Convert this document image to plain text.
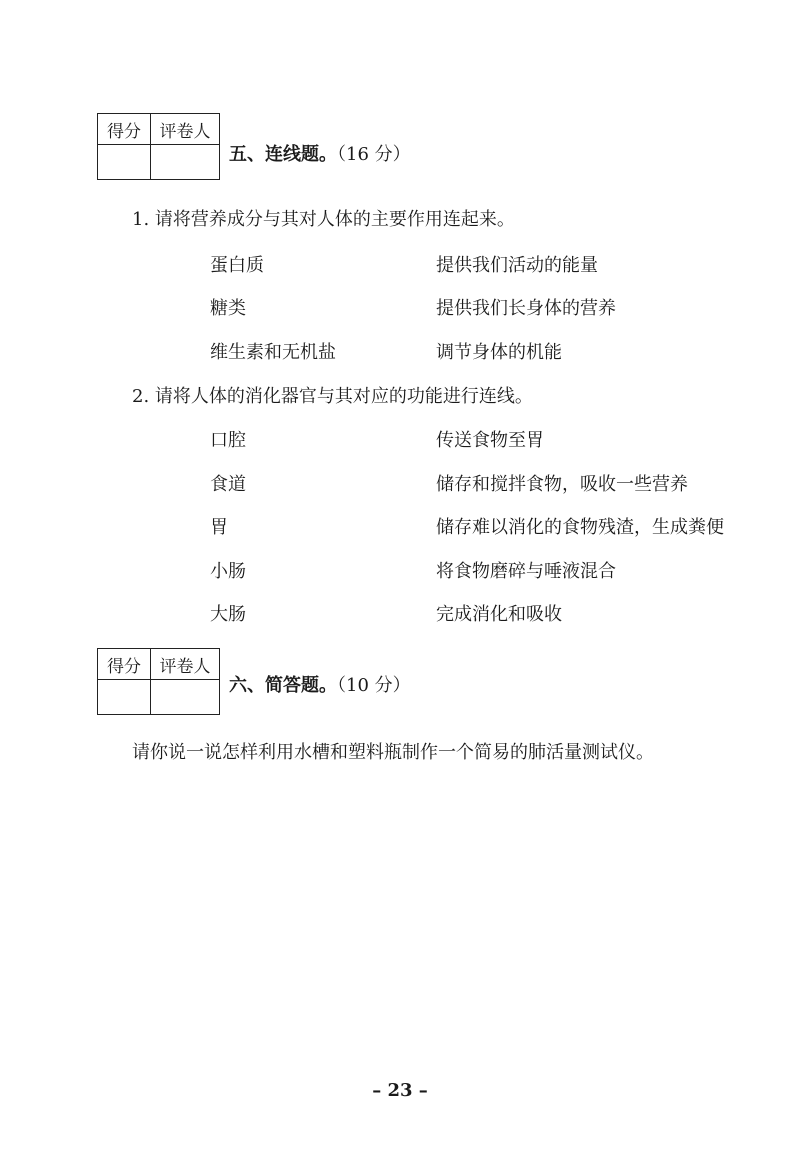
得分	评卷人

五、连线题。（16 分）
1. 请将营养成分与其对人体的主要作用连起来。
蛋白质	提供我们活动的能量
糖类	提供我们长身体的营养
维生素和无机盐	调节身体的机能
2. 请将人体的消化器官与其对应的功能进行连线。
口腔	传送食物至胃
食道	储存和搅拌食物，吸收一些营养
胃	储存难以消化的食物残渣，生成粪便
小肠	将食物磨碎与唾液混合
大肠	完成消化和吸收
得分	评卷人

六、简答题。（10 分）
请你说一说怎样利用水槽和塑料瓶制作一个简易的肺活量测试仪。
– 23 –
